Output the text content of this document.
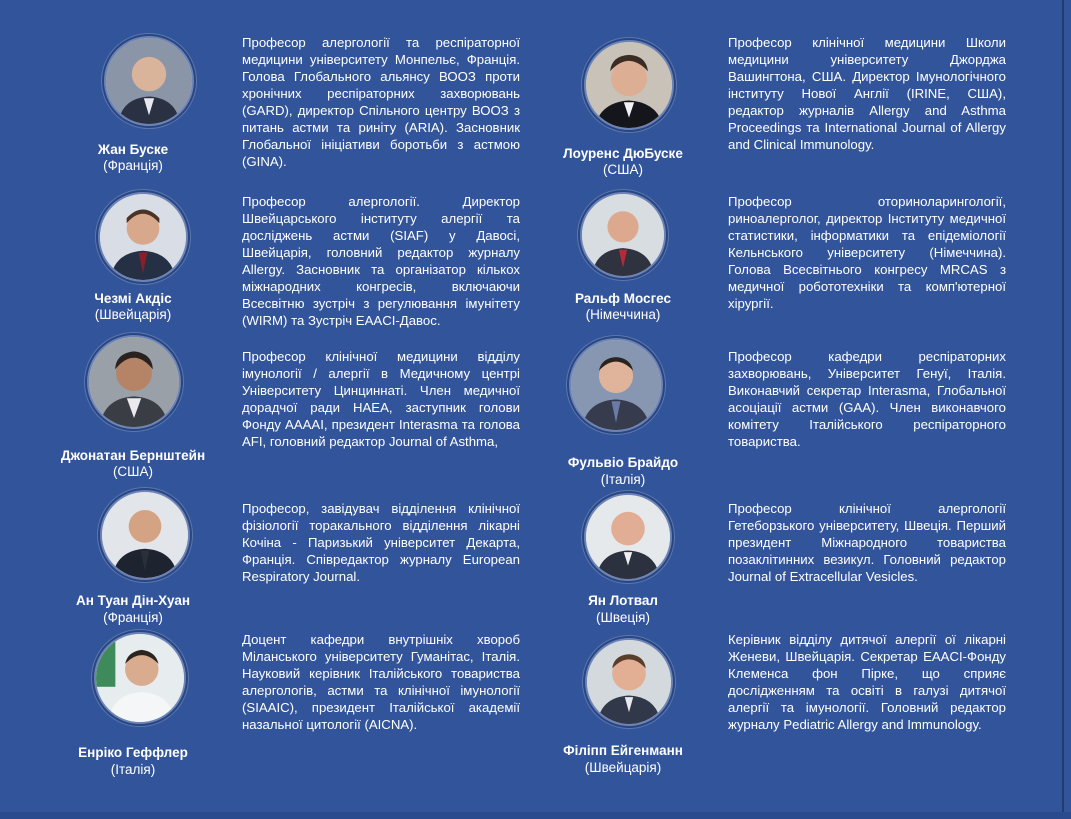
Жан Буске
(Франція)
Професор алергології та респіраторної медицини університету Монпельє, Франція. Голова Глобального альянсу ВООЗ проти хронічних респіраторних захворювань (GARD), директор Спільного центру ВООЗ з питань астми та риніту (ARIA). Засновник Глобальної ініціативи боротьби з астмою (GINA).
Чезмі Акдіс
(Швейцарія)
Професор алергології. Директор Швейцарського інституту алергії та досліджень астми (SIAF) у Давосі, Швейцарія, головний редактор журналу Allergy. Засновник та організатор кількох міжнародних конгресів, включаючи Всесвітню зустріч з регулювання імунітету (WIRM) та Зустріч EAACI-Давос.
Джонатан Бернштейн
(США)
Професор клінічної медицини відділу імунології / алергії в Медичному центрі Університету Цинциннаті. Член медичної дорадчої ради HAEA, заступник голови Фонду AAAAI, президент Interasma та голова AFI, головний редактор Journal of Asthma,
Ан Туан Дін-Хуан
(Франція)
Професор, завідувач відділення клінічної фізіології торакального відділення лікарні Кочіна - Паризький університет Декарта, Франція. Співредактор журналу European Respiratory Journal.
Енріко Геффлер
(Італія)
Доцент кафедри внутрішніх хвороб Міланського університету Гуманітас, Італія. Науковий керівник Італійського товариства алергологів, астми та клінічної імунології (SIAAIC), президент Італійської академії назальної цитології (AICNA).
Лоуренс ДюБуске
(США)
Професор клінічної медицини Школи медицини університету Джорджа Вашингтона, США. Директор Імунологічного інституту Нової Англії (IRINE, США), редактор журналів Allergy and Asthma Proceedings та International Journal of Allergy and Clinical Immunology.
Ральф Мосгес
(Німеччина)
Професор оториноларингології, риноалерголог, директор Інституту медичної статистики, інформатики та епідеміології Кельнського університету (Німеччина). Голова Всесвітнього конгресу MRCAS з медичної робототехніки та комп'ютерної хірургії.
Фульвіо Брайдо
(Італія)
Професор кафедри респіраторних захворювань, Університет Генуї, Італія. Виконавчий секретар Interasma, Глобальної асоціації астми (GAA). Член виконавчого комітету Італійського респіраторного товариства.
Ян Лотвал
(Швеція)
Професор клінічної алергології Гетеборзького університету, Швеція. Перший президент Міжнародного товариства позаклітинних везикул. Головний редактор Journal of Extracellular Vesicles.
Філіпп Ейгенманн
(Швейцарія)
Керівник відділу дитячої алергії ої лікарні Женеви, Швейцарія. Секретар EAACI-Фонду Клеменса фон Пірке, що сприяє дослідженням та освіті в галузі дитячої алергії та імунології. Головний редактор журналу Pediatric Allergy and Immunology.
